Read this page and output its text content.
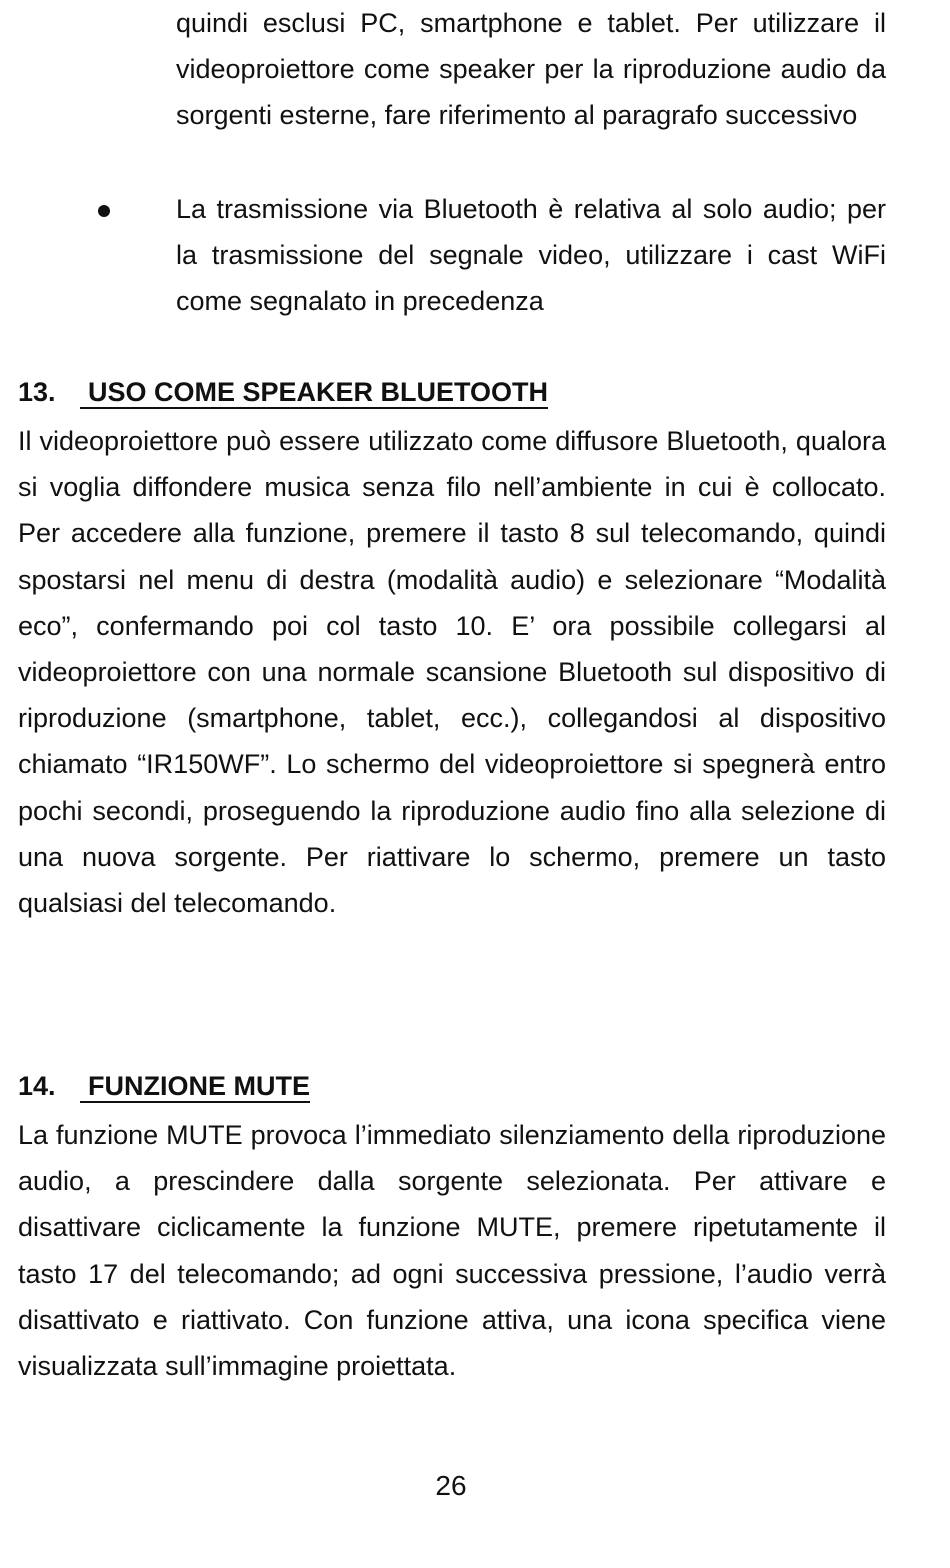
quindi esclusi PC, smartphone e tablet. Per utilizzare il videoproiettore come speaker per la riproduzione audio da sorgenti esterne, fare riferimento al paragrafo successivo

La trasmissione via Bluetooth è relativa al solo audio; per la trasmissione del segnale video, utilizzare i cast WiFi come segnalato in precedenza

13. USO COME SPEAKER BLUETOOTH

Il videoproiettore può essere utilizzato come diffusore Bluetooth, qualora si voglia diffondere musica senza filo nell’ambiente in cui è collocato. Per accedere alla funzione, premere il tasto 8 sul telecomando, quindi spostarsi nel menu di destra (modalità audio) e selezionare “Modalità eco”, confermando poi col tasto 10. E’ ora possibile collegarsi al videoproiettore con una normale scansione Bluetooth sul dispositivo di riproduzione (smartphone, tablet, ecc.), collegandosi al dispositivo chiamato “IR150WF”. Lo schermo del videoproiettore si spegnerà entro pochi secondi, proseguendo la riproduzione audio fino alla selezione di una nuova sorgente. Per riattivare lo schermo, premere un tasto qualsiasi del telecomando.

14. FUNZIONE MUTE

La funzione MUTE provoca l’immediato silenziamento della riproduzione audio, a prescindere dalla sorgente selezionata. Per attivare e disattivare ciclicamente la funzione MUTE, premere ripetutamente il tasto 17 del telecomando; ad ogni successiva pressione, l’audio verrà disattivato e riattivato. Con funzione attiva, una icona specifica viene visualizzata sull’immagine proiettata.

26
